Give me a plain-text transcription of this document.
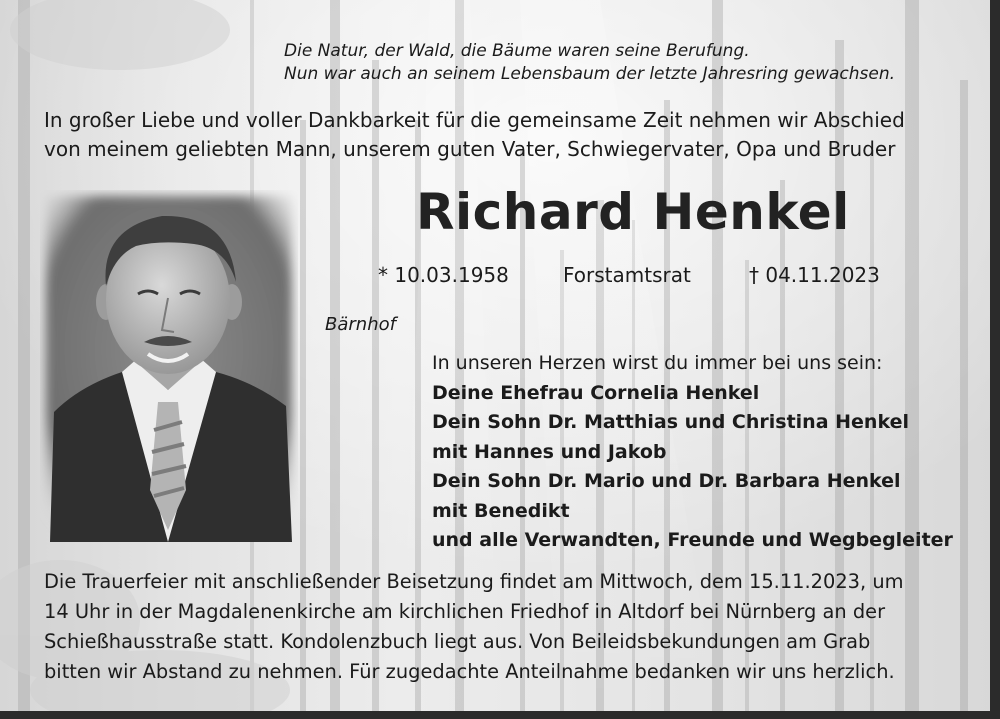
Die Natur, der Wald, die Bäume waren seine Berufung.
Nun war auch an seinem Lebensbaum der letzte Jahresring gewachsen.
In großer Liebe und voller Dankbarkeit für die gemeinsame Zeit nehmen wir Abschied
von meinem geliebten Mann, unserem guten Vater, Schwiegervater, Opa und Bruder
Richard Henkel
* 10.03.1958	Forstamtsrat	† 04.11.2023
Bärnhof
In unseren Herzen wirst du immer bei uns sein:
Deine Ehefrau Cornelia Henkel
Dein Sohn Dr. Matthias und Christina Henkel
mit Hannes und Jakob
Dein Sohn Dr. Mario und Dr. Barbara Henkel
mit Benedikt
und alle Verwandten, Freunde und Wegbegleiter
Die Trauerfeier mit anschließender Beisetzung findet am Mittwoch, dem 15.11.2023, um
14 Uhr in der Magdalenenkirche am kirchlichen Friedhof in Altdorf bei Nürnberg an der
Schießhausstraße statt. Kondolenzbuch liegt aus. Von Beileidsbekundungen am Grab
bitten wir Abstand zu nehmen. Für zugedachte Anteilnahme bedanken wir uns herzlich.
